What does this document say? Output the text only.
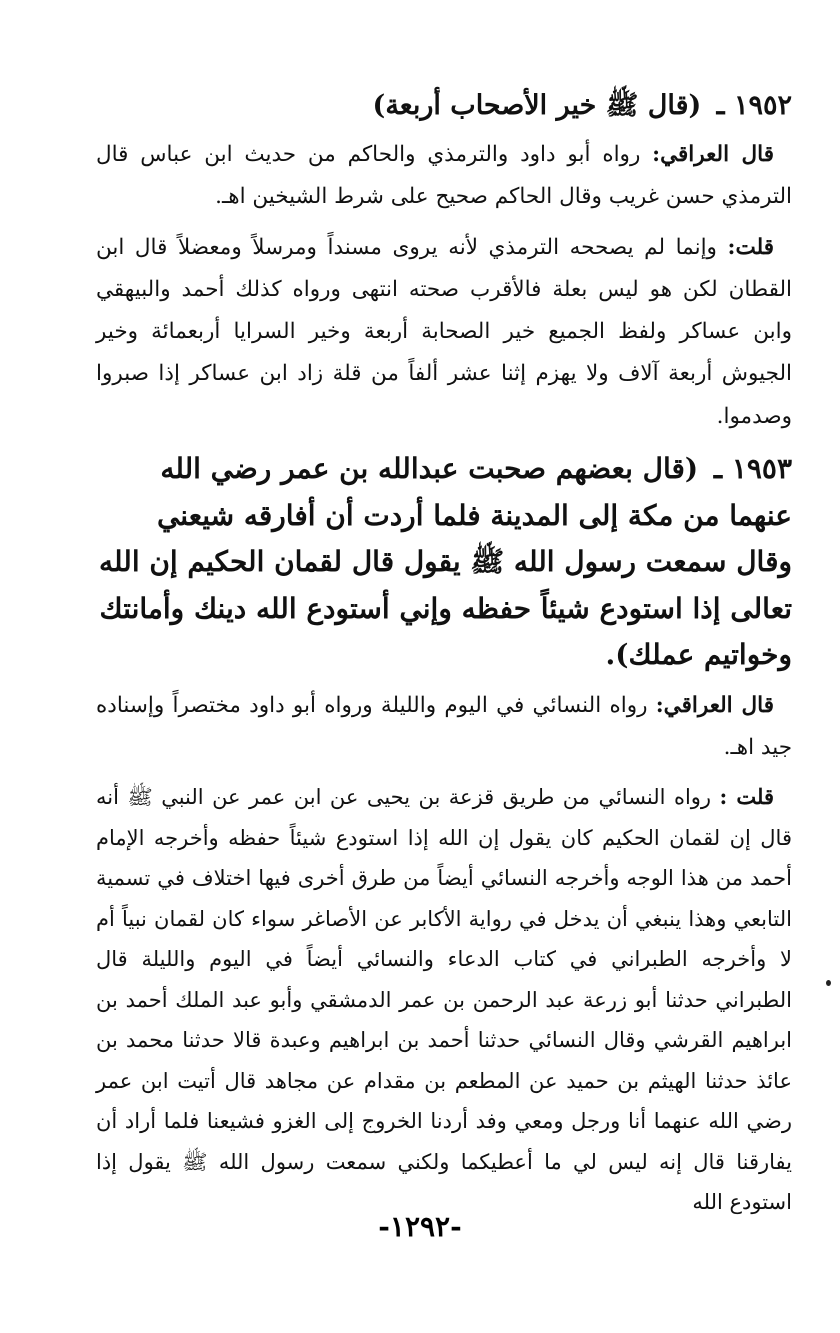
١٩٥٢ ـ (قال ﷺ خير الأصحاب أربعة)

قال العراقي: رواه أبو داود والترمذي والحاكم من حديث ابن عباس قال الترمذي حسن غريب وقال الحاكم صحيح على شرط الشيخين اهـ.

قلت: وإنما لم يصححه الترمذي لأنه يروى مسنداً ومرسلاً ومعضلاً قال ابن القطان لكن هو ليس بعلة فالأقرب صحته انتهى ورواه كذلك أحمد والبيهقي وابن عساكر ولفظ الجميع خير الصحابة أربعة وخير السرايا أربعمائة وخير الجيوش أربعة آلاف ولا يهزم إثنا عشر ألفاً من قلة زاد ابن عساكر إذا صبروا وصدموا.

١٩٥٣ ـ (قال بعضهم صحبت عبدالله بن عمر رضي الله عنهما من مكة إلى المدينة فلما أردت أن أفارقه شيعني وقال سمعت رسول الله ﷺ يقول قال لقمان الحكيم إن الله تعالى إذا استودع شيئاً حفظه وإني أستودع الله دينك وأمانتك وخواتيم عملك).

قال العراقي: رواه النسائي في اليوم والليلة ورواه أبو داود مختصراً وإسناده جيد اهـ.

قلت : رواه النسائي من طريق قزعة بن يحيى عن ابن عمر عن النبي ﷺ أنه قال إن لقمان الحكيم كان يقول إن الله إذا استودع شيئاً حفظه وأخرجه الإمام أحمد من هذا الوجه وأخرجه النسائي أيضاً من طرق أخرى فيها اختلاف في تسمية التابعي وهذا ينبغي أن يدخل في رواية الأكابر عن الأصاغر سواء كان لقمان نبياً أم لا وأخرجه الطبراني في كتاب الدعاء والنسائي أيضاً في اليوم والليلة قال الطبراني حدثنا أبو زرعة عبد الرحمن بن عمر الدمشقي وأبو عبد الملك أحمد بن ابراهيم القرشي وقال النسائي حدثنا أحمد بن ابراهيم وعبدة قالا حدثنا محمد بن عائذ حدثنا الهيثم بن حميد عن المطعم بن مقدام عن مجاهد قال أتيت ابن عمر رضي الله عنهما أنا ورجل ومعي وفد أردنا الخروج إلى الغزو فشيعنا فلما أراد أن يفارقنا قال إنه ليس لي ما أعطيكما ولكني سمعت رسول الله ﷺ يقول إذا استودع الله

-١٢٩٢-
